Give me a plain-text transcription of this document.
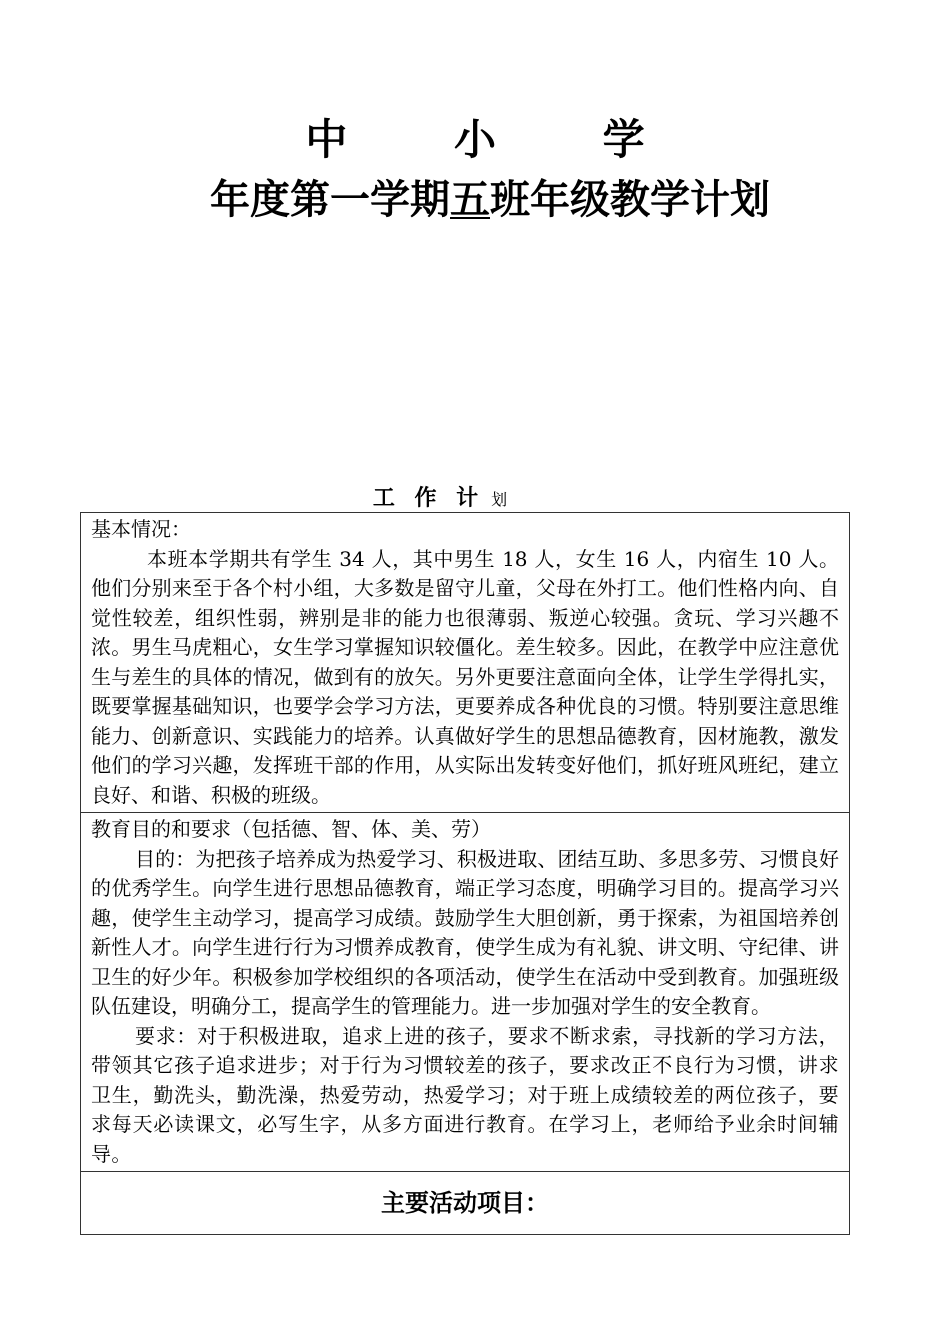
中 小 学
年度第一学期五班年级教学计划
工 作 计 划
基本情况：

本班本学期共有学生 34 人，其中男生 18 人，女生 16 人，内宿生 10 人。他们分别来至于各个村小组，大多数是留守儿童，父母在外打工。他们性格内向、自觉性较差，组织性弱，辨别是非的能力也很薄弱、叛逆心较强。贪玩、学习兴趣不浓。男生马虎粗心，女生学习掌握知识较僵化。差生较多。因此，在教学中应注意优生与差生的具体的情况，做到有的放矢。另外更要注意面向全体，让学生学得扎实，既要掌握基础知识，也要学会学习方法，更要养成各种优良的习惯。特别要注意思维能力、创新意识、实践能力的培养。认真做好学生的思想品德教育，因材施教，激发他们的学习兴趣，发挥班干部的作用，从实际出发转变好他们，抓好班风班纪，建立良好、和谐、积极的班级。

教育目的和要求（包括德、智、体、美、劳）

目的：为把孩子培养成为热爱学习、积极进取、团结互助、多思多劳、习惯良好的优秀学生。向学生进行思想品德教育，端正学习态度，明确学习目的。提高学习兴趣，使学生主动学习，提高学习成绩。鼓励学生大胆创新，勇于探索，为祖国培养创新性人才。向学生进行行为习惯养成教育，使学生成为有礼貌、讲文明、守纪律、讲卫生的好少年。积极参加学校组织的各项活动，使学生在活动中受到教育。加强班级队伍建设，明确分工，提高学生的管理能力。进一步加强对学生的安全教育。

要求：对于积极进取，追求上进的孩子，要求不断求索，寻找新的学习方法，带领其它孩子追求进步；对于行为习惯较差的孩子，要求改正不良行为习惯，讲求卫生，勤洗头，勤洗澡，热爱劳动，热爱学习；对于班上成绩较差的两位孩子，要求每天必读课文，必写生字，从多方面进行教育。在学习上，老师给予业余时间辅导。

主要活动项目：
